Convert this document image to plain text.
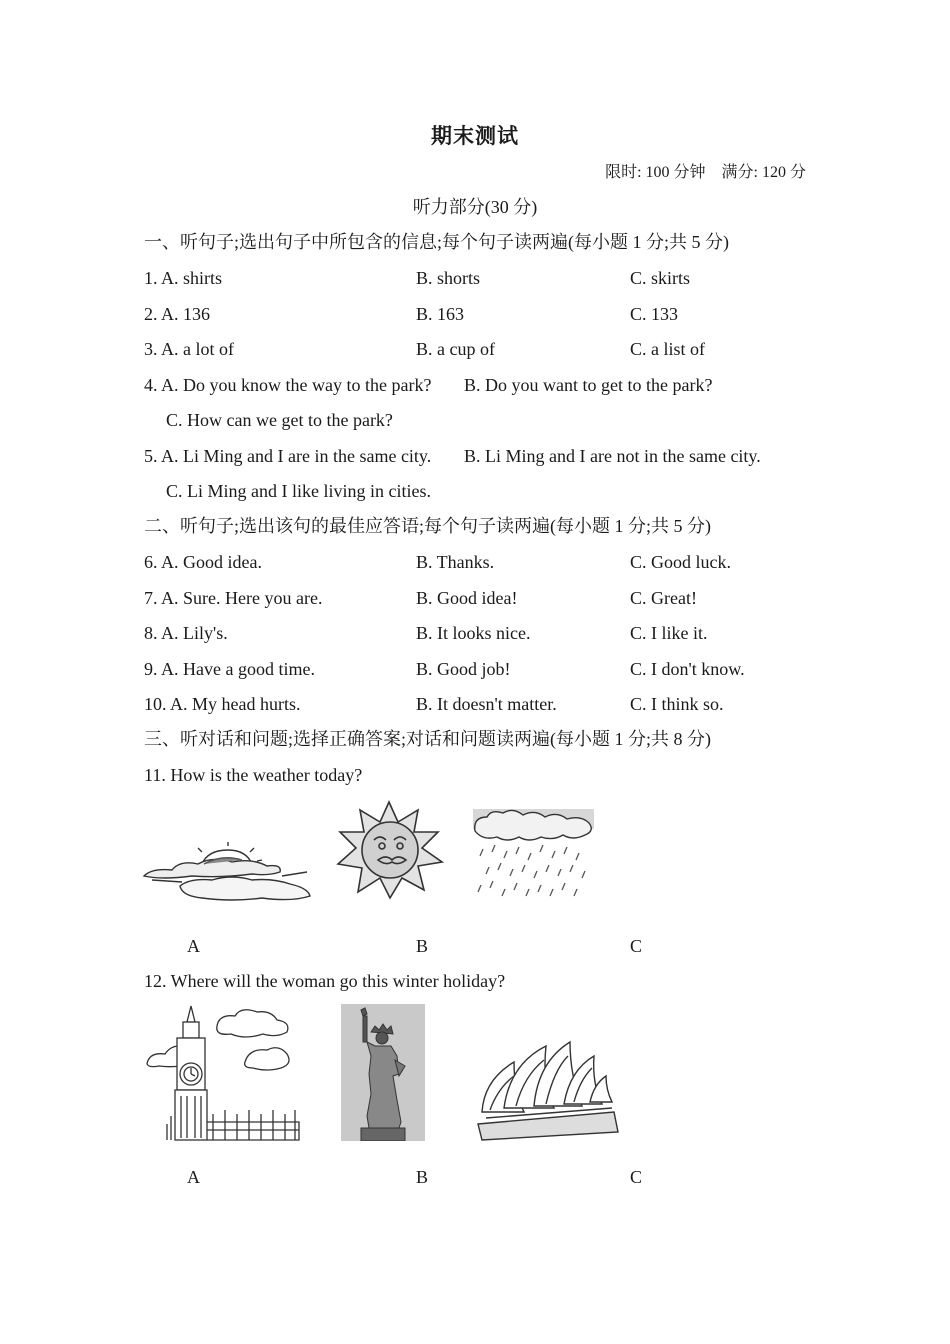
期末测试
限时: 100 分钟　满分: 120 分
听力部分(30 分)
一、听句子;选出句子中所包含的信息;每个句子读两遍(每小题 1 分;共 5 分)
1. A. shirts	B. shorts	C. skirts
2. A. 136	B. 163	C. 133
3. A. a lot of	B. a cup of	C. a list of
4. A. Do you know the way to the park? B. Do you want to get to the park?
C. How can we get to the park?
5. A. Li Ming and I are in the same city. B. Li Ming and I are not in the same city.
C. Li Ming and I like living in cities.
二、听句子;选出该句的最佳应答语;每个句子读两遍(每小题 1 分;共 5 分)
6. A. Good idea.	B. Thanks.	C. Good luck.
7. A. Sure. Here you are.	B. Good idea!	C. Great!
8. A. Lily's.	B. It looks nice.	C. I like it.
9. A. Have a good time.	B. Good job!	C. I don't know.
10. A. My head hurts.	B. It doesn't matter.	C. I think so.
三、听对话和问题;选择正确答案;对话和问题读两遍(每小题 1 分;共 8 分)
11. How is the weather today?
A	B	C
12. Where will the woman go this winter holiday?
A	B	C
